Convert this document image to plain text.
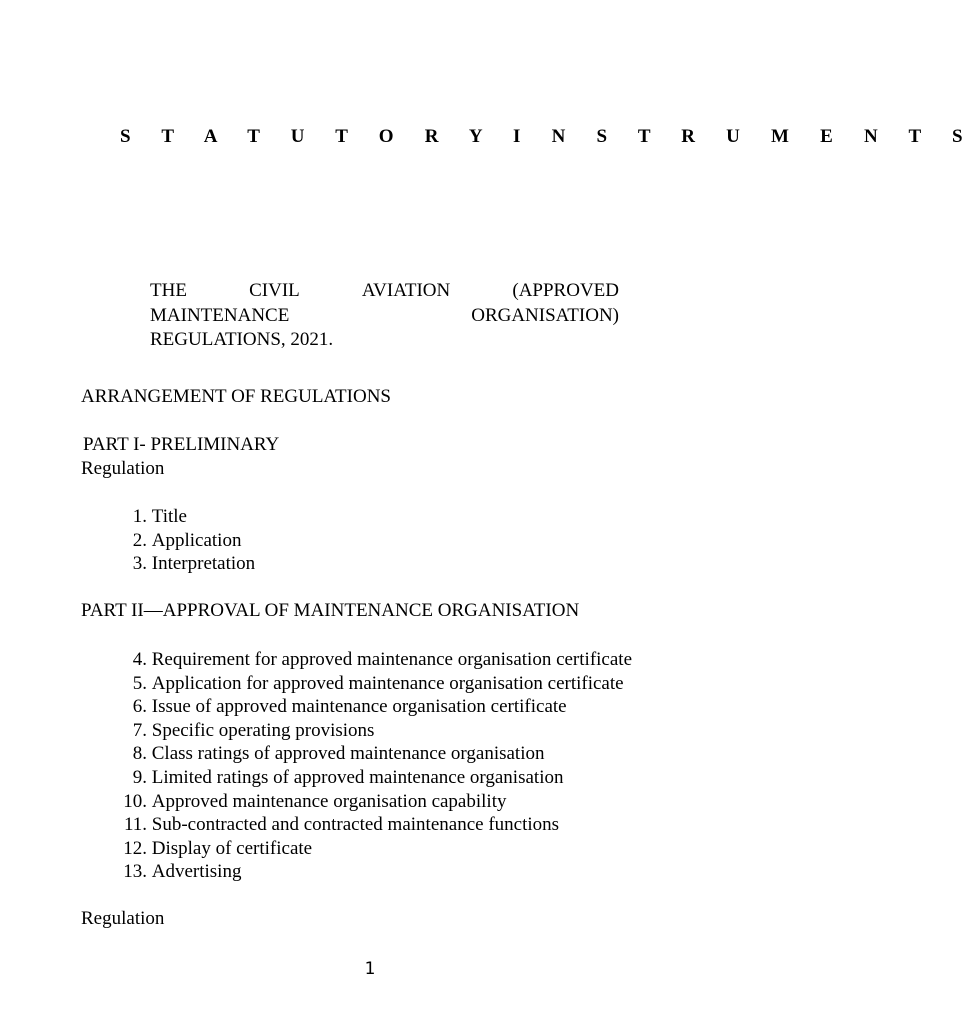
S T A T U T O R Y I N S T R U M E N T S
THE	CIVIL	AVIATION	(APPROVED
MAINTENANCE	ORGANISATION)
REGULATIONS, 2021.
ARRANGEMENT OF REGULATIONS
PART I- PRELIMINARY
Regulation
1.
Title
2.
Application
3.
Interpretation
PART II—APPROVAL OF MAINTENANCE ORGANISATION
4.
Requirement for approved maintenance organisation certificate
5.
Application for approved maintenance organisation certificate
6.
Issue of approved maintenance organisation certificate
7.
Specific operating provisions
8.
Class ratings of approved maintenance organisation
9.
Limited ratings of approved maintenance organisation
10.
Approved maintenance organisation capability
11.
Sub-contracted and contracted maintenance functions
12.
Display of certificate
13.
Advertising
Regulation
1
